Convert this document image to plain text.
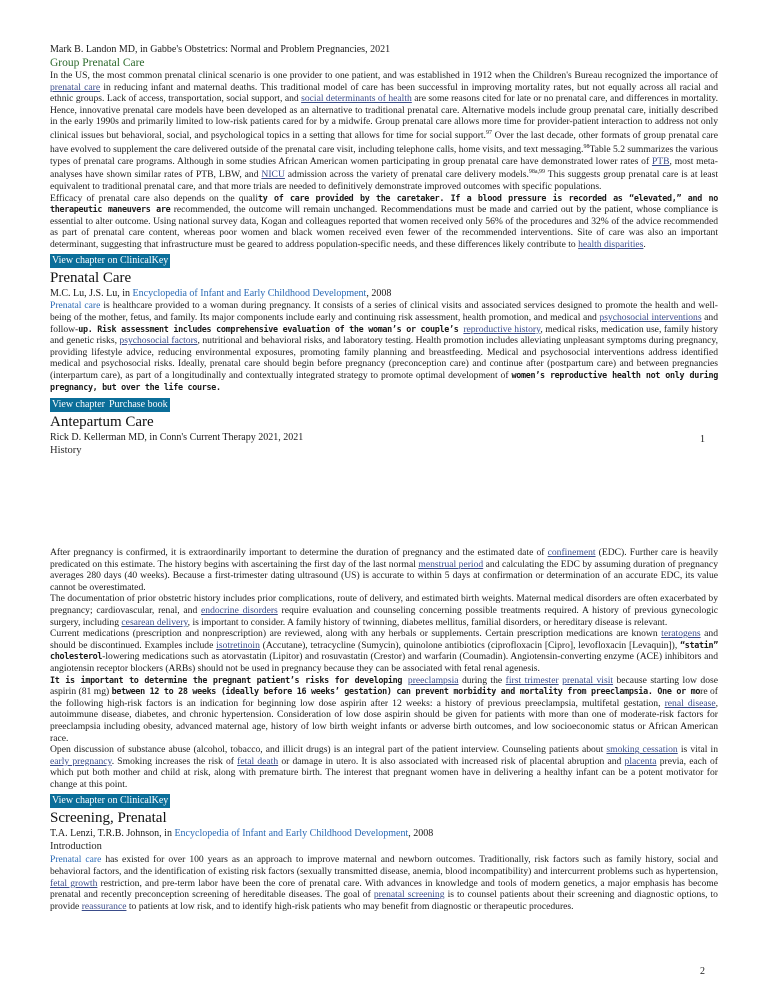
Mark B. Landon MD, in Gabbe's Obstetrics: Normal and Problem Pregnancies, 2021
Group Prenatal Care

In the US, the most common prenatal clinical scenario is one provider to one patient, and was established in 1912 when the Children's Bureau recognized the importance of prenatal care in reducing infant and maternal deaths. This traditional model of care has been successful in improving mortality rates, but not equally across all racial and ethnic groups. Lack of access, transportation, social support, and social determinants of health are some reasons cited for late or no prenatal care, and differences in mortality. Hence, innovative prenatal care models have been developed as an alternative to traditional prenatal care. Alternative models include group prenatal care, initially described in the early 1990s and primarily limited to low-risk patients cared for by a midwife. Group prenatal care allows more time for provider-patient interaction to address not only clinical issues but behavioral, social, and psychological topics in a setting that allows for time for social support.$^{97}$ Over the last decade, other formats of group prenatal care have evolved to supplement the care delivered outside of the prenatal care visit, including telephone calls, home visits, and text messaging.$^{98}$Table 5.2 summarizes the various types of prenatal care programs. Although in some studies African American women participating in group prenatal care have demonstrated lower rates of PTB, most meta-analyses have shown similar rates of PTB, LBW, and NICU admission across the variety of prenatal care delivery models.$^{98a,99}$ This suggests group prenatal care is at least equivalent to traditional prenatal care, and that more trials are needed to definitively demonstrate improved outcomes with specific populations.

Efficacy of prenatal care also depends on the quality of care provided by the caretaker. If a blood pressure is recorded as “elevated,” and no therapeutic maneuvers are recommended, the outcome will remain unchanged. Recommendations must be made and carried out by the patient, whose compliance is essential to alter outcome. Using national survey data, Kogan and colleagues reported that women received only 56% of the procedures and 32% of the advice recommended as part of prenatal care content, whereas poor women and black women received even fewer of the recommended interventions. Site of care was also an important determinant, suggesting that infrastructure must be geared to address population-specific needs, and these differences likely contribute to health disparities.

View chapter on ClinicalKey
Prenatal Care
M.C. Lu, J.S. Lu, in Encyclopedia of Infant and Early Childhood Development, 2008

Prenatal care is healthcare provided to a woman during pregnancy. It consists of a series of clinical visits and associated services designed to promote the health and well-being of the mother, fetus, and family. Its major components include early and continuing risk assessment, health promotion, and medical and psychosocial interventions and follow-up. Risk assessment includes comprehensive evaluation of the woman’s or couple’s reproductive history, medical risks, medication use, family history and genetic risks, psychosocial factors, nutritional and behavioral risks, and laboratory testing. Health promotion includes alleviating unpleasant symptoms during pregnancy, providing lifestyle advice, reducing environmental exposures, promoting family planning and breastfeeding. Medical and psychosocial interventions address identified medical and psychosocial risks. Ideally, prenatal care should begin before pregnancy (preconception care) and continue after (postpartum care) and between pregnancies (interpartum care), as part of a longitudinally and contextually integrated strategy to promote optimal development of women’s reproductive health not only during pregnancy, but over the life course.

View chapter Purchase book
Antepartum Care
Rick D. Kellerman MD, in Conn's Current Therapy 2021, 2021
History
1

After pregnancy is confirmed, it is extraordinarily important to determine the duration of pregnancy and the estimated date of confinement (EDC). Further care is heavily predicated on this estimate. The history begins with ascertaining the first day of the last normal menstrual period and calculating the EDC by assuming duration of pregnancy averages 280 days (40 weeks). Because a first-trimester dating ultrasound (US) is accurate to within 5 days at confirmation or determination of an accurate EDC, its value cannot be overestimated.

The documentation of prior obstetric history includes prior complications, route of delivery, and estimated birth weights. Maternal medical disorders are often exacerbated by pregnancy; cardiovascular, renal, and endocrine disorders require evaluation and counseling concerning possible treatments required. A history of previous gynecologic surgery, including cesarean delivery, is important to consider. A family history of twinning, diabetes mellitus, familial disorders, or hereditary disease is relevant.

Current medications (prescription and nonprescription) are reviewed, along with any herbals or supplements. Certain prescription medications are known teratogens and should be discontinued. Examples include isotretinoin (Accutane), tetracycline (Sumycin), quinolone antibiotics (ciprofloxacin [Cipro], levofloxacin [Levaquin]), “statin” cholesterol-lowering medications such as atorvastatin (Lipitor) and rosuvastatin (Crestor) and warfarin (Coumadin). Angiotensin-converting enzyme (ACE) inhibitors and angiotensin receptor blockers (ARBs) should not be used in pregnancy because they can be associated with fetal renal agenesis.

It is important to determine the pregnant patient’s risks for developing preeclampsia during the first trimester prenatal visit because starting low dose aspirin (81 mg) between 12 to 28 weeks (ideally before 16 weeks’ gestation) can prevent morbidity and mortality from preeclampsia. One or more of the following high-risk factors is an indication for beginning low dose aspirin after 12 weeks: a history of previous preeclampsia, multifetal gestation, renal disease, autoimmune disease, diabetes, and chronic hypertension. Consideration of low dose aspirin should be given for patients with more than one of moderate-risk factors for preeclampsia including obesity, advanced maternal age, history of low birth weight infants or adverse birth outcomes, and low socioeconomic status or African American race.

Open discussion of substance abuse (alcohol, tobacco, and illicit drugs) is an integral part of the patient interview. Counseling patients about smoking cessation is vital in early pregnancy. Smoking increases the risk of fetal death or damage in utero. It is also associated with increased risk of placental abruption and placenta previa, each of which put both mother and child at risk, along with premature birth. The interest that pregnant women have in delivering a healthy infant can be a potent motivator for change at this point.

View chapter on ClinicalKey
Screening, Prenatal
T.A. Lenzi, T.R.B. Johnson, in Encyclopedia of Infant and Early Childhood Development, 2008
Introduction

Prenatal care has existed for over 100 years as an approach to improve maternal and newborn outcomes. Traditionally, risk factors such as family history, social and behavioral factors, and the identification of existing risk factors (sexually transmitted disease, anemia, blood incompatibility) and intercurrent problems such as hypertension, fetal growth restriction, and pre-term labor have been the core of prenatal care. With advances in knowledge and tools of modern genetics, a major emphasis has become prenatal and recently preconception screening of hereditable diseases. The goal of prenatal screening is to counsel patients about their screening and diagnostic options, to provide reassurance to patients at low risk, and to identify high-risk patients who may benefit from diagnostic or therapeutic procedures.

2
